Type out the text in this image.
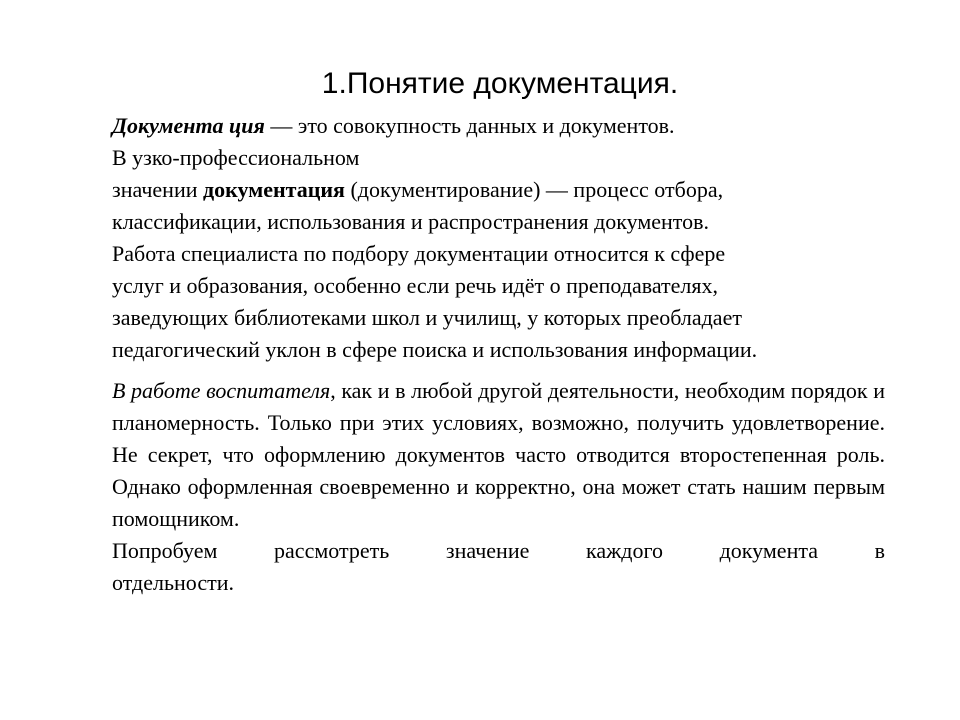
1.Понятие документация.

Документа ция — это совокупность данных и документов.
В узко-профессиональном
значении документация (документирование) — процесс отбора,
классификации, использования и распространения документов.
Работа специалиста по подбору документации относится к сфере
услуг и образования, особенно если речь идёт о преподавателях,
заведующих библиотеками школ и училищ, у которых преобладает
педагогический уклон в сфере поиска и использования информации.

В работе воспитателя, как и в любой другой деятельности, необходим порядок и планомерность. Только при этих условиях, возможно, получить удовлетворение. Не секрет, что оформлению документов часто отводится второстепенная роль. Однако оформленная своевременно и корректно, она может стать нашим первым помощником.

Попробуем рассмотреть значение каждого документа в
отдельности.
